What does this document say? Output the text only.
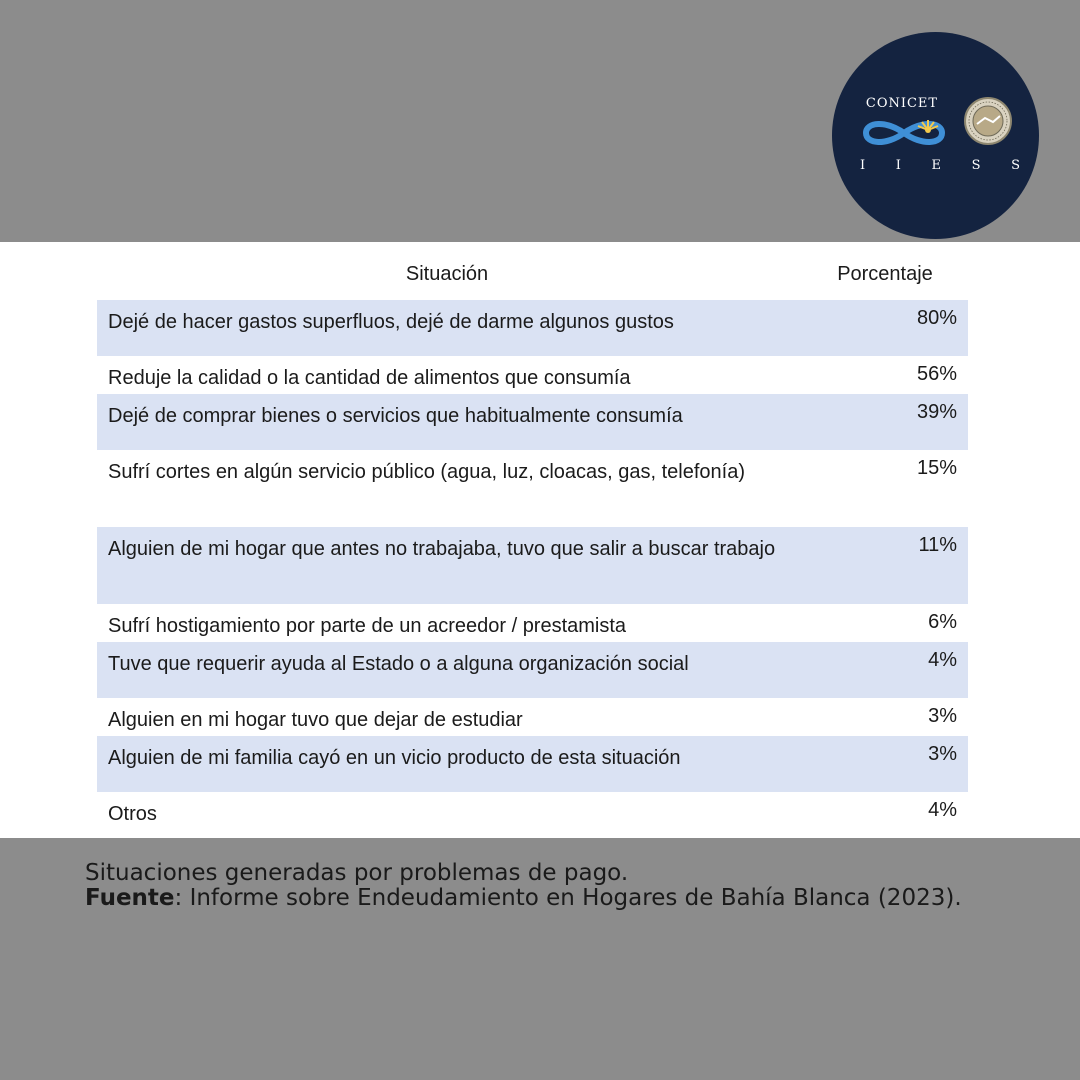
CONICET
I I E S S
Situación	Porcentaje
Dejé de hacer gastos superfluos, dejé de darme algunos gustos	80%
Reduje la calidad o la cantidad de alimentos que consumía	56%
Dejé de comprar bienes o servicios que habitualmente consumía	39%
Sufrí cortes en algún servicio público (agua, luz, cloacas, gas, telefonía)	15%
Alguien de mi hogar que antes no trabajaba, tuvo que salir a buscar trabajo	11%
Sufrí hostigamiento por parte de un acreedor / prestamista	6%
Tuve que requerir ayuda al Estado o a alguna organización social	4%
Alguien en mi hogar tuvo que dejar de estudiar	3%
Alguien de mi familia cayó en un vicio producto de esta situación	3%
Otros	4%
Situaciones generadas por problemas de pago.
Fuente: Informe sobre Endeudamiento en Hogares de Bahía Blanca (2023).
